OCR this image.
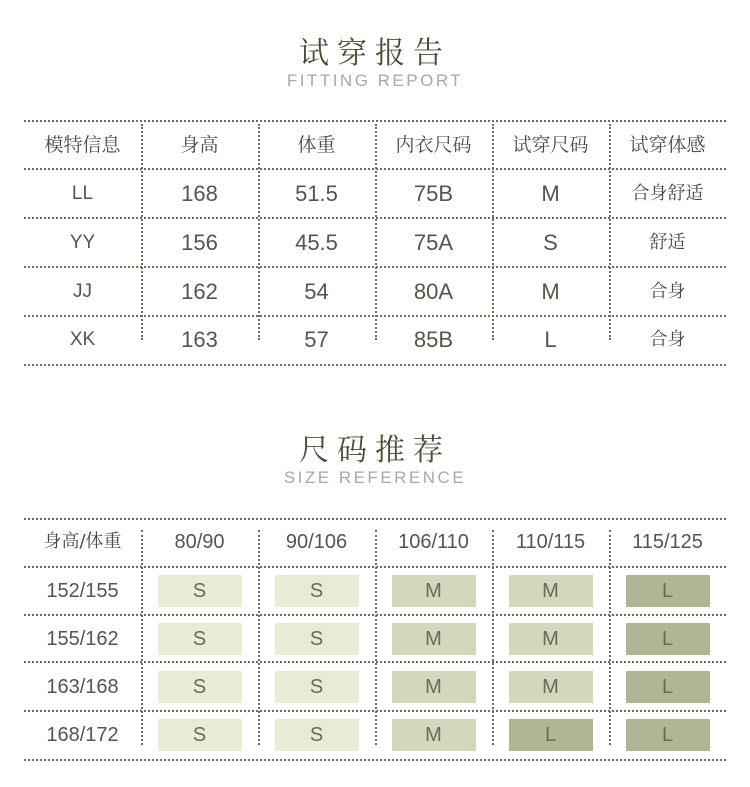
试穿报告
FITTING REPORT
模特信息	身高	体重	内衣尺码	试穿尺码	试穿体感
LL	168	51.5	75B	M	合身舒适
YY	156	45.5	75A	S	舒适
JJ	162	54	80A	M	合身
XK	163	57	85B	L	合身
尺码推荐
SIZE REFERENCE
身高/体重	80/90	90/106	106/110	110/115	115/125
152/155	S	S	M	M	L
155/162	S	S	M	M	L
163/168	S	S	M	M	L
168/172	S	S	M	L	L
